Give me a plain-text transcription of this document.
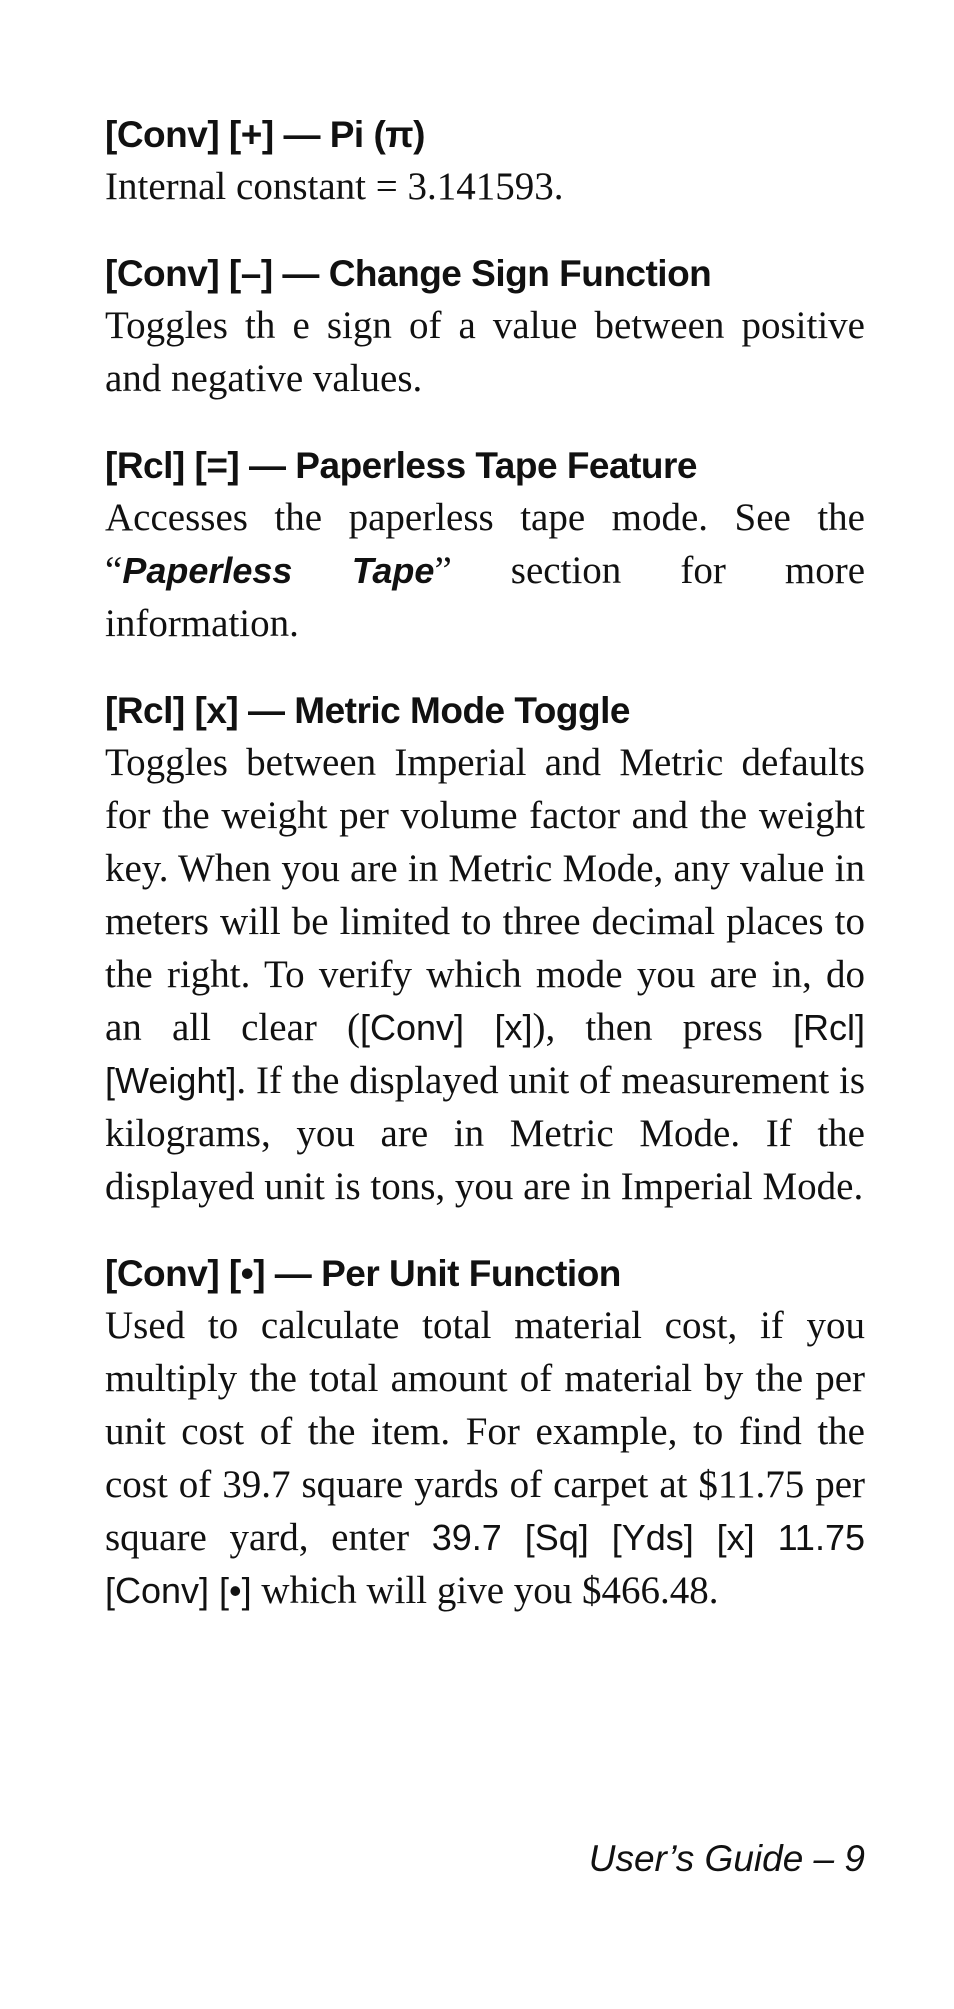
[Conv] [+] — Pi (π)
Internal constant = 3.141593.
[Conv] [–] — Change Sign Function
Toggles th e sign of a value between positive and negative values.
[Rcl] [=] — Paperless Tape Feature
Accesses the paperless tape mode. See the “Paperless Tape” section for more information.
[Rcl] [x] — Metric Mode Toggle
Toggles between Imperial and Metric defaults for the weight per volume factor and the weight key. When you are in Metric Mode, any value in meters will be limited to three decimal places to the right. To verify which mode you are in, do an all clear ([Conv] [x]), then press [Rcl] [Weight]. If the displayed unit of measurement is kilograms, you are in Metric Mode. If the displayed unit is tons, you are in Imperial Mode.
[Conv] [•] — Per Unit Function
Used to calculate total material cost, if you multiply the total amount of material by the per unit cost of the item. For example, to find the cost of 39.7 square yards of carpet at $11.75 per square yard, enter 39.7 [Sq] [Yds] [x] 11.75 [Conv] [•] which will give you $466.48.
User’s Guide – 9
